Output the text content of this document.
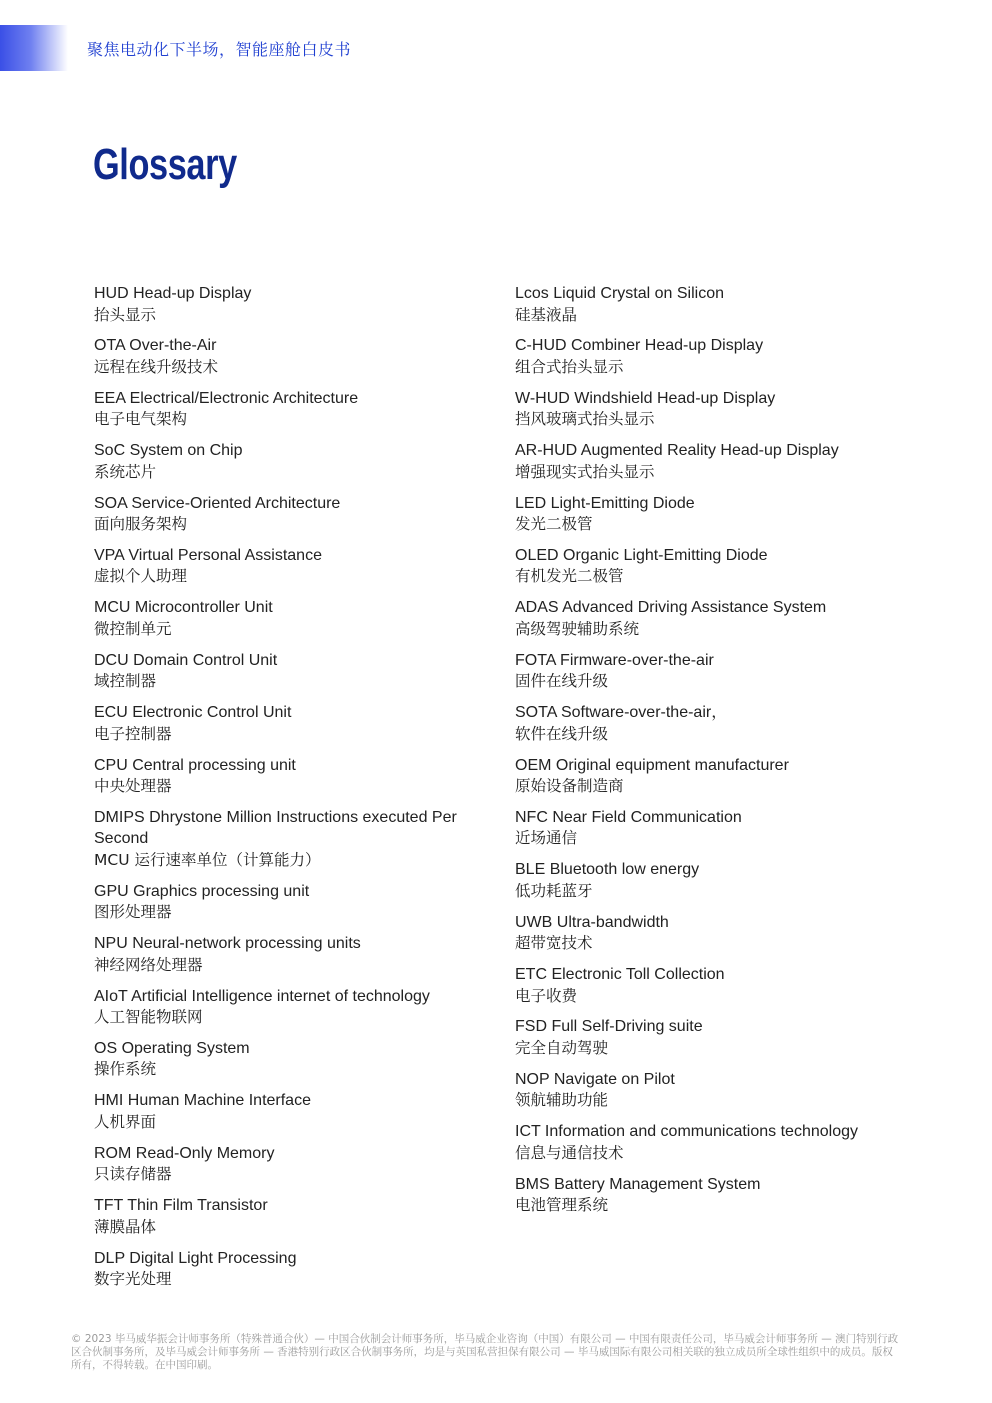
聚焦电动化下半场，智能座舱白皮书
Glossary
HUD Head-up Display
抬头显示
OTA Over-the-Air
远程在线升级技术
EEA Electrical/Electronic Architecture
电子电气架构
SoC System on Chip
系统芯片
SOA Service-Oriented Architecture
面向服务架构
VPA Virtual Personal Assistance
虚拟个人助理
MCU Microcontroller Unit
微控制单元
DCU Domain Control Unit
域控制器
ECU Electronic Control Unit
电子控制器
CPU Central processing unit
中央处理器
DMIPS Dhrystone Million Instructions executed Per Second
MCU 运行速率单位（计算能力）
GPU Graphics processing unit
图形处理器
NPU Neural-network processing units
神经网络处理器
AIoT Artificial Intelligence internet of technology
人工智能物联网
OS Operating System
操作系统
HMI Human Machine Interface
人机界面
ROM Read-Only Memory
只读存储器
TFT Thin Film Transistor
薄膜晶体
DLP Digital Light Processing
数字光处理
Lcos Liquid Crystal on Silicon
硅基液晶
C-HUD Combiner Head-up Display
组合式抬头显示
W-HUD Windshield Head-up Display
挡风玻璃式抬头显示
AR-HUD Augmented Reality Head-up Display
增强现实式抬头显示
LED Light-Emitting Diode
发光二极管
OLED Organic Light-Emitting Diode
有机发光二极管
ADAS Advanced Driving Assistance System
高级驾驶辅助系统
FOTA Firmware-over-the-air
固件在线升级
SOTA Software-over-the-air，
软件在线升级
OEM Original equipment manufacturer
原始设备制造商
NFC Near Field Communication
近场通信
BLE Bluetooth low energy
低功耗蓝牙
UWB Ultra-bandwidth
超带宽技术
ETC Electronic Toll Collection
电子收费
FSD Full Self-Driving suite
完全自动驾驶
NOP Navigate on Pilot
领航辅助功能
ICT Information and communications technology
信息与通信技术
BMS Battery Management System
电池管理系统
© 2023 毕马威华振会计师事务所（特殊普通合伙）— 中国合伙制会计师事务所，毕马威企业咨询（中国）有限公司 — 中国有限责任公司，毕马威会计师事务所 — 澳门特别行政区合伙制事务所，及毕马威会计师事务所 — 香港特别行政区合伙制事务所，均是与英国私营担保有限公司 — 毕马威国际有限公司相关联的独立成员所全球性组织中的成员。版权所有，不得转载。在中国印刷。
